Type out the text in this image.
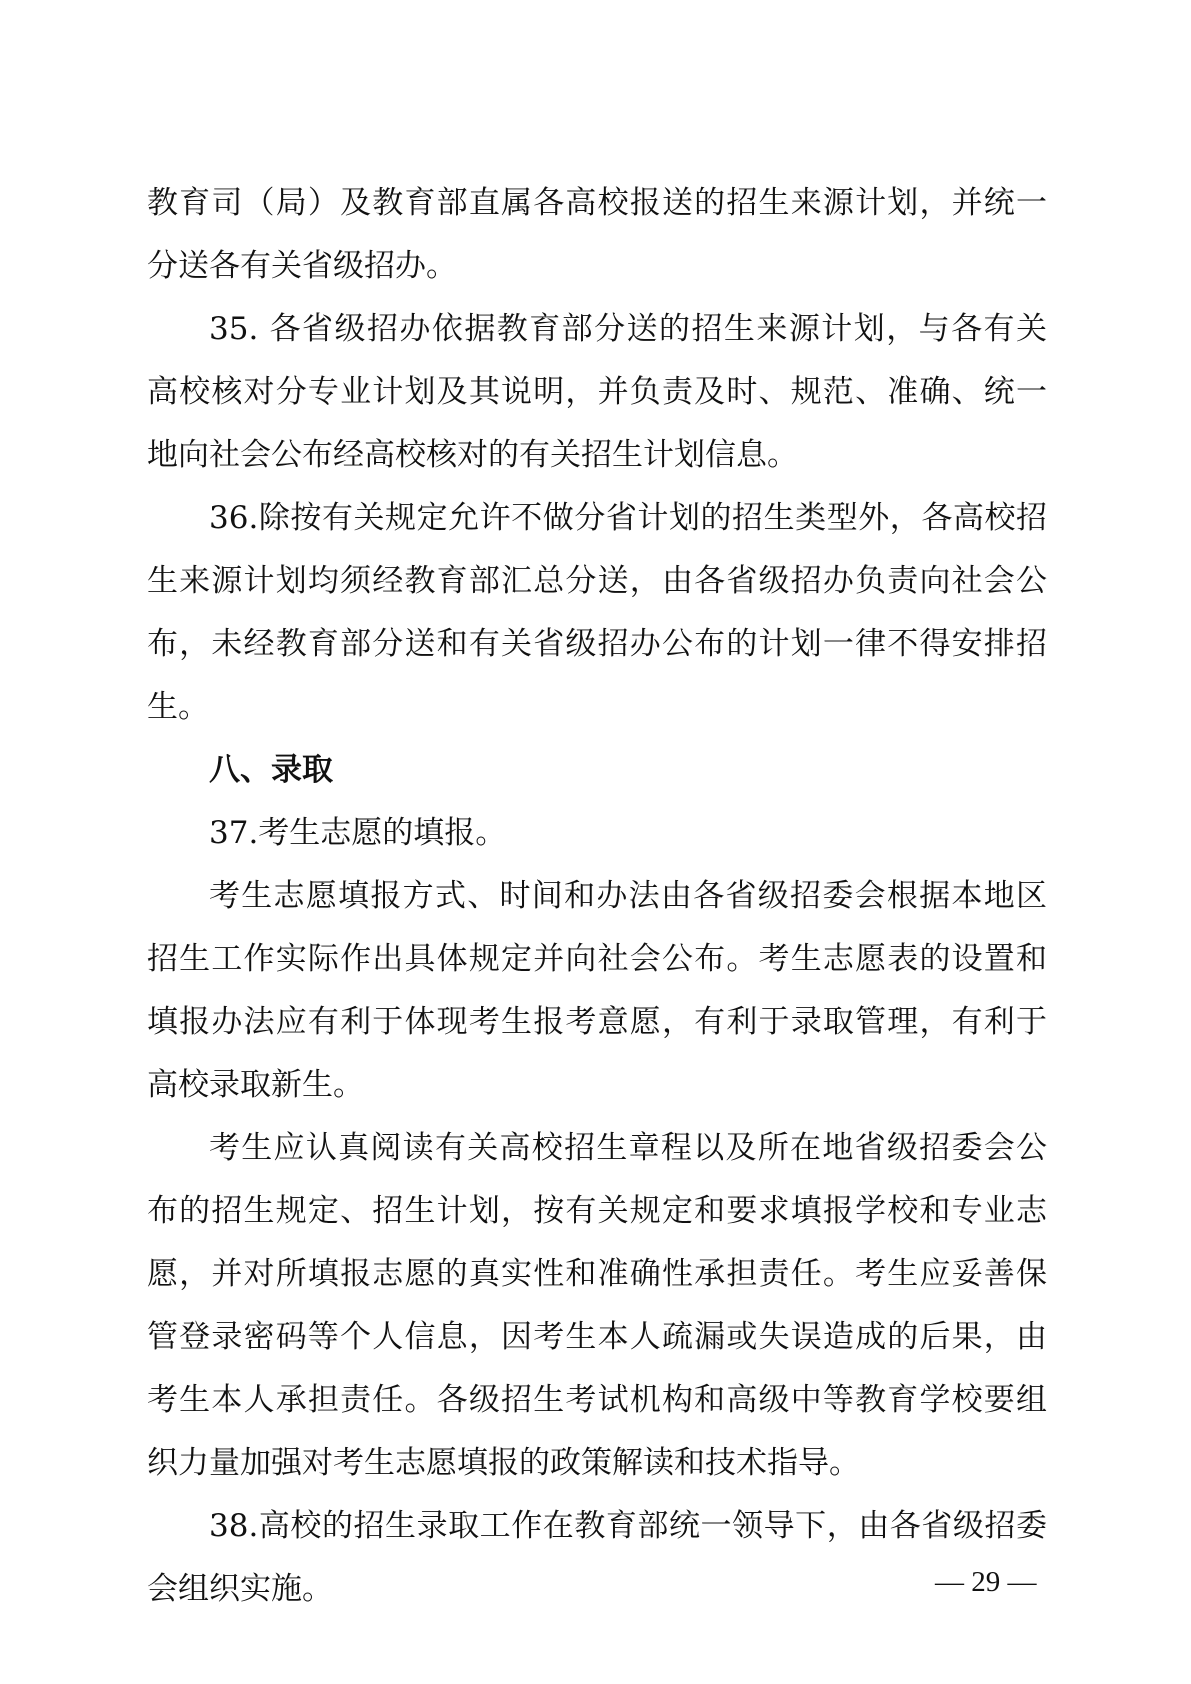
教育司（局）及教育部直属各高校报送的招生来源计划，并统一
分送各有关省级招办。
35. 各省级招办依据教育部分送的招生来源计划，与各有关
高校核对分专业计划及其说明，并负责及时、规范、准确、统一
地向社会公布经高校核对的有关招生计划信息。
36.除按有关规定允许不做分省计划的招生类型外，各高校招
生来源计划均须经教育部汇总分送，由各省级招办负责向社会公
布，未经教育部分送和有关省级招办公布的计划一律不得安排招
生。
八、录取
37.考生志愿的填报。
考生志愿填报方式、时间和办法由各省级招委会根据本地区
招生工作实际作出具体规定并向社会公布。考生志愿表的设置和
填报办法应有利于体现考生报考意愿，有利于录取管理，有利于
高校录取新生。
考生应认真阅读有关高校招生章程以及所在地省级招委会公
布的招生规定、招生计划，按有关规定和要求填报学校和专业志
愿，并对所填报志愿的真实性和准确性承担责任。考生应妥善保
管登录密码等个人信息，因考生本人疏漏或失误造成的后果，由
考生本人承担责任。各级招生考试机构和高级中等教育学校要组
织力量加强对考生志愿填报的政策解读和技术指导。
38.高校的招生录取工作在教育部统一领导下，由各省级招委
会组织实施。	— 29 —
